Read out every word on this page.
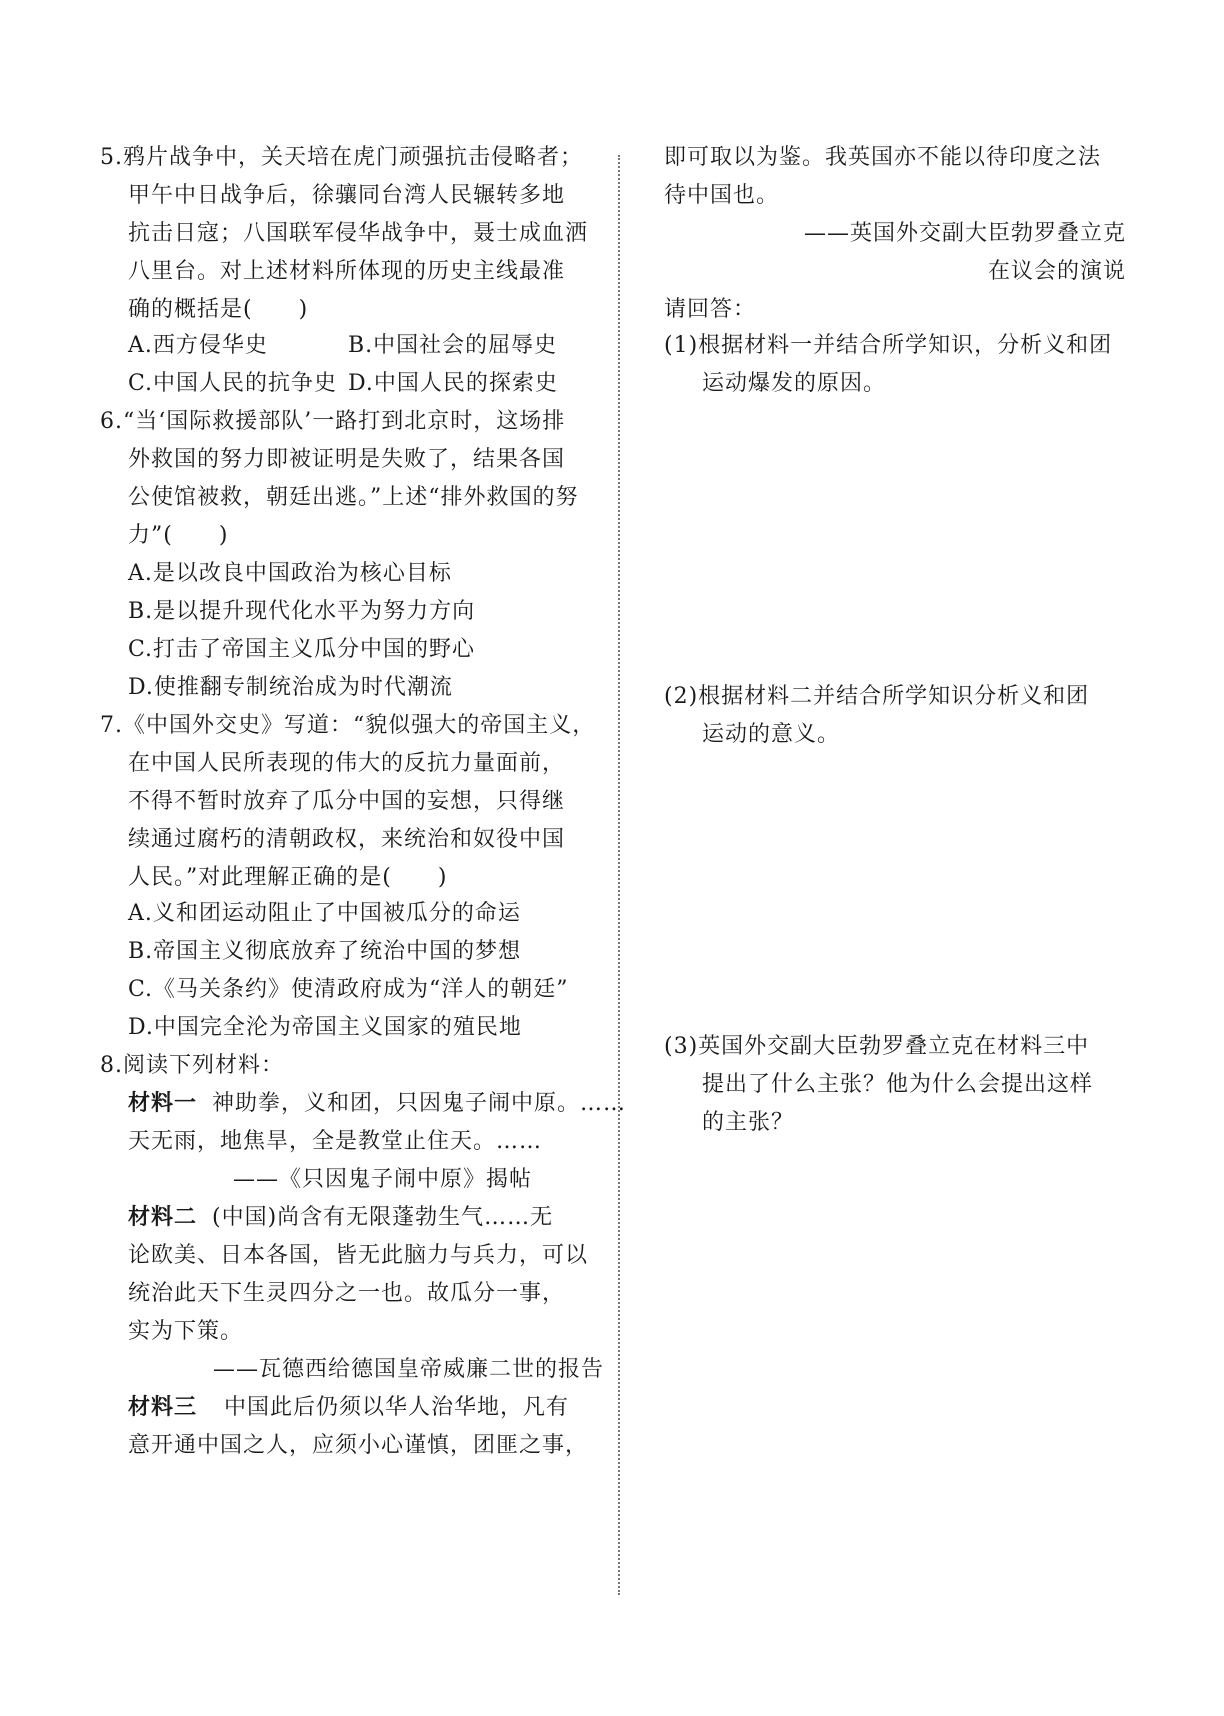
5.鸦片战争中，关天培在虎门顽强抗击侵略者；
甲午中日战争后，徐骧同台湾人民辗转多地
抗击日寇；八国联军侵华战争中，聂士成血洒
八里台。对上述材料所体现的历史主线最准
确的概括是(　　)
A.西方侵华史	B.中国社会的屈辱史
C.中国人民的抗争史 D.中国人民的探索史
6.“当‘国际救援部队’一路打到北京时，这场排
外救国的努力即被证明是失败了，结果各国
公使馆被救，朝廷出逃。”上述“排外救国的努
力”(　　)
A.是以改良中国政治为核心目标
B.是以提升现代化水平为努力方向
C.打击了帝国主义瓜分中国的野心
D.使推翻专制统治成为时代潮流
7.《中国外交史》写道：“貌似强大的帝国主义，
在中国人民所表现的伟大的反抗力量面前，
不得不暂时放弃了瓜分中国的妄想，只得继
续通过腐朽的清朝政权，来统治和奴役中国
人民。”对此理解正确的是(　　)
A.义和团运动阻止了中国被瓜分的命运
B.帝国主义彻底放弃了统治中国的梦想
C.《马关条约》使清政府成为“洋人的朝廷”
D.中国完全沦为帝国主义国家的殖民地
8.阅读下列材料：
材料一 神助拳，义和团，只因鬼子闹中原。……
天无雨，地焦旱，全是教堂止住天。……
——《只因鬼子闹中原》揭帖
材料二 (中国)尚含有无限蓬勃生气……无
论欧美、日本各国，皆无此脑力与兵力，可以
统治此天下生灵四分之一也。故瓜分一事，
实为下策。
——瓦德西给德国皇帝威廉二世的报告
材料三 中国此后仍须以华人治华地，凡有
意开通中国之人，应须小心谨慎，团匪之事，
即可取以为鉴。我英国亦不能以待印度之法
待中国也。
——英国外交副大臣勃罗叠立克
在议会的演说
请回答：
(1)根据材料一并结合所学知识，分析义和团
运动爆发的原因。
(2)根据材料二并结合所学知识分析义和团
运动的意义。
(3)英国外交副大臣勃罗叠立克在材料三中
提出了什么主张？他为什么会提出这样
的主张？
